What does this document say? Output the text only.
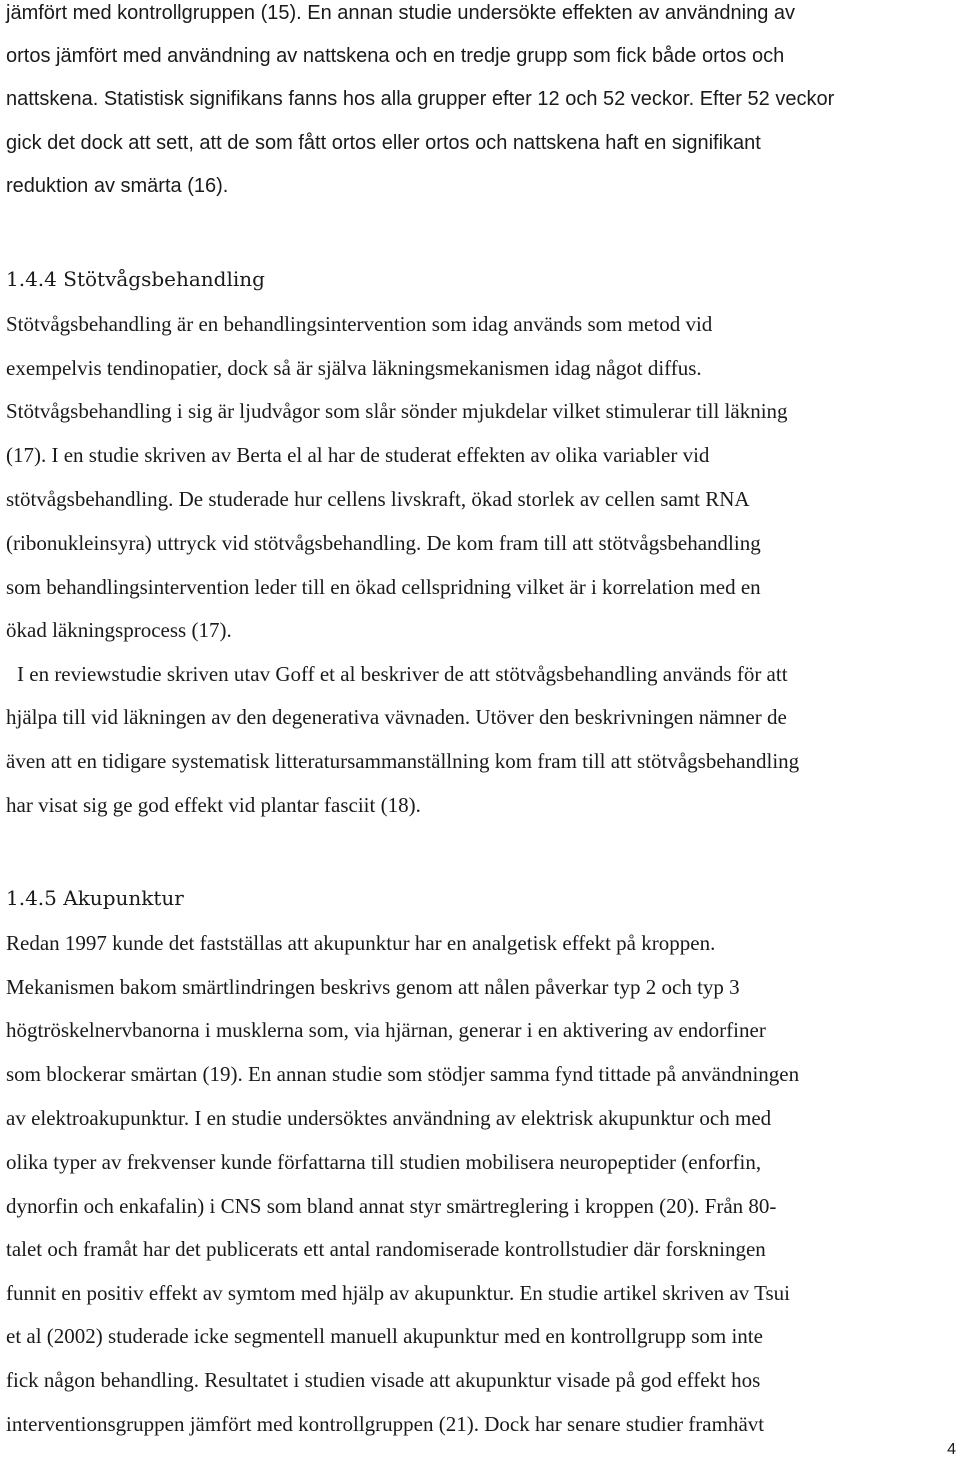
jämfört med kontrollgruppen (15). En annan studie undersökte effekten av användning av
ortos jämfört med användning av nattskena och en tredje grupp som fick både ortos och
nattskena. Statistisk signifikans fanns hos alla grupper efter 12 och 52 veckor. Efter 52 veckor
gick det dock att sett, att de som fått ortos eller ortos och nattskena haft en signifikant
reduktion av smärta (16).
1.4.4 Stötvågsbehandling
Stötvågsbehandling är en behandlingsintervention som idag används som metod vid
exempelvis tendinopatier, dock så är själva läkningsmekanismen idag något diffus.
Stötvågsbehandling i sig är ljudvågor som slår sönder mjukdelar vilket stimulerar till läkning
(17). I en studie skriven av Berta el al har de studerat effekten av olika variabler vid
stötvågsbehandling. De studerade hur cellens livskraft, ökad storlek av cellen samt RNA
(ribonukleinsyra) uttryck vid stötvågsbehandling. De kom fram till att stötvågsbehandling
som behandlingsintervention leder till en ökad cellspridning vilket är i korrelation med en
ökad läkningsprocess (17).
I en reviewstudie skriven utav Goff et al beskriver de att stötvågsbehandling används för att
hjälpa till vid läkningen av den degenerativa vävnaden. Utöver den beskrivningen nämner de
även att en tidigare systematisk litteratursammanställning kom fram till att stötvågsbehandling
har visat sig ge god effekt vid plantar fasciit (18).
1.4.5 Akupunktur
Redan 1997 kunde det fastställas att akupunktur har en analgetisk effekt på kroppen.
Mekanismen bakom smärtlindringen beskrivs genom att nålen påverkar typ 2 och typ 3
högtröskelnervbanorna i musklerna som, via hjärnan, generar i en aktivering av endorfiner
som blockerar smärtan (19). En annan studie som stödjer samma fynd tittade på användningen
av elektroakupunktur. I en studie undersöktes användning av elektrisk akupunktur och med
olika typer av frekvenser kunde författarna till studien mobilisera neuropeptider (enforfin,
dynorfin och enkafalin) i CNS som bland annat styr smärtreglering i kroppen (20). Från 80-
talet och framåt har det publicerats ett antal randomiserade kontrollstudier där forskningen
funnit en positiv effekt av symtom med hjälp av akupunktur. En studie artikel skriven av Tsui
et al (2002) studerade icke segmentell manuell akupunktur med en kontrollgrupp som inte
fick någon behandling. Resultatet i studien visade att akupunktur visade på god effekt hos
interventionsgruppen jämfört med kontrollgruppen (21). Dock har senare studier framhävt
4
